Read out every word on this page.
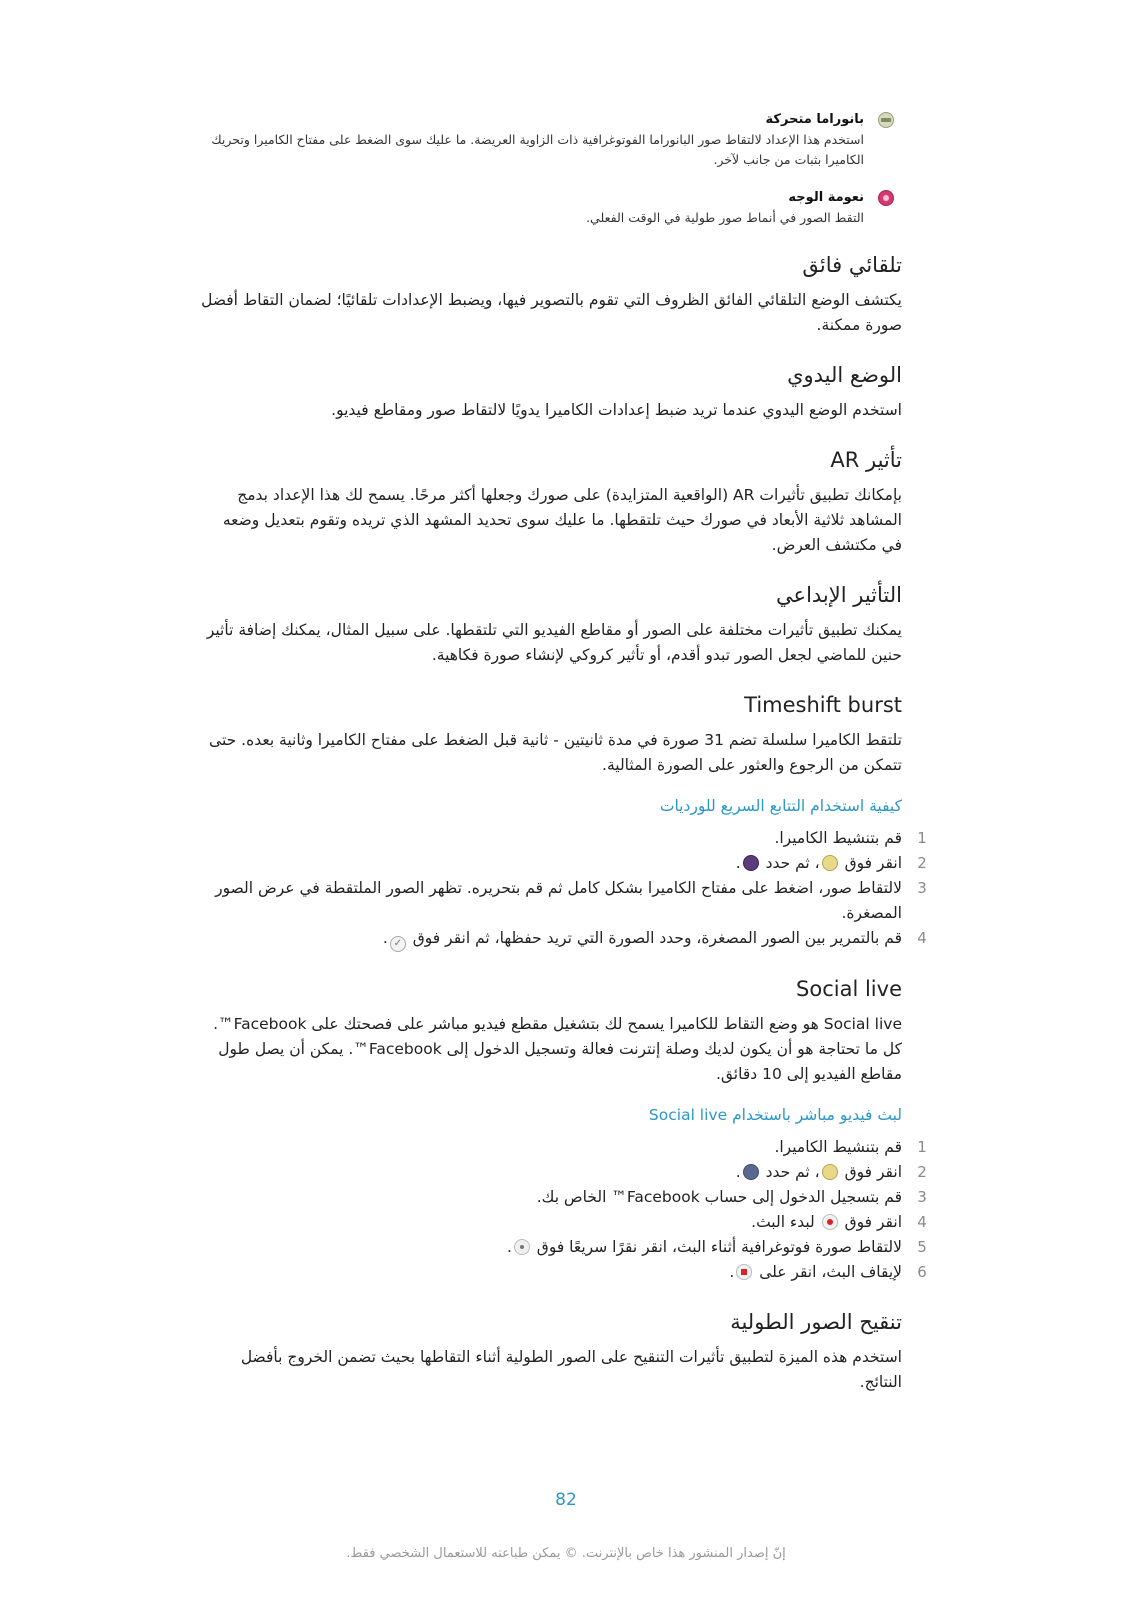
بانوراما متحركة
استخدم هذا الإعداد لالتقاط صور البانوراما الفوتوغرافية ذات الزاوية العريضة. ما عليك سوى الضغط على مفتاح الكاميرا وتحريك الكاميرا بثبات من جانب لآخر.
نعومة الوجه
التقط الصور في أنماط صور طولية في الوقت الفعلي.
تلقائي فائق

يكتشف الوضع التلقائي الفائق الظروف التي تقوم بالتصوير فيها، ويضبط الإعدادات تلقائيًا؛ لضمان التقاط أفضل صورة ممكنة.

الوضع اليدوي

استخدم الوضع اليدوي عندما تريد ضبط إعدادات الكاميرا يدويًا لالتقاط صور ومقاطع فيديو.

تأثير AR

بإمكانك تطبيق تأثيرات AR (الواقعية المتزايدة) على صورك وجعلها أكثر مرحًا. يسمح لك هذا الإعداد بدمج المشاهد ثلاثية الأبعاد في صورك حيث تلتقطها. ما عليك سوى تحديد المشهد الذي تريده وتقوم بتعديل وضعه في مكتشف العرض.

التأثير الإبداعي

يمكنك تطبيق تأثيرات مختلفة على الصور أو مقاطع الفيديو التي تلتقطها. على سبيل المثال، يمكنك إضافة تأثير حنين للماضي لجعل الصور تبدو أقدم، أو تأثير كروكي لإنشاء صورة فكاهية.

Timeshift burst

تلتقط الكاميرا سلسلة تضم 31 صورة في مدة ثانيتين - ثانية قبل الضغط على مفتاح الكاميرا وثانية بعده. حتى تتمكن من الرجوع والعثور على الصورة المثالية.

كيفية استخدام التتابع السريع للورديات
1
قم بتنشيط الكاميرا.
2
انقر فوق ، ثم حدد .
3
لالتقاط صور، اضغط على مفتاح الكاميرا بشكل كامل ثم قم بتحريره. تظهر الصور الملتقطة في عرض الصور المصغرة.
4
قم بالتمرير بين الصور المصغرة، وحدد الصورة التي تريد حفظها، ثم انقر فوق ✓.
Social live

Social live هو وضع التقاط للكاميرا يسمح لك بتشغيل مقطع فيديو مباشر على فصحتك على Facebook™. كل ما تحتاجة هو أن يكون لديك وصلة إنترنت فعالة وتسجيل الدخول إلى Facebook™. يمكن أن يصل طول مقاطع الفيديو إلى 10 دقائق.

لبث فيديو مباشر باستخدام Social live
1
قم بتنشيط الكاميرا.
2
انقر فوق ، ثم حدد .
3
قم بتسجيل الدخول إلى حساب Facebook™ الخاص بك.
4
انقر فوق  لبدء البث.
5
لالتقاط صورة فوتوغرافية أثناء البث، انقر نقرًا سريعًا فوق .
6
لإيقاف البث، انقر على .
تنقيح الصور الطولية

استخدم هذه الميزة لتطبيق تأثيرات التنقيح على الصور الطولية أثناء التقاطها بحيث تضمن الخروج بأفضل النتائج.

82
إنّ إصدار المنشور هذا خاص بالإنترنت. © يمكن طباعته للاستعمال الشخصي فقط.
